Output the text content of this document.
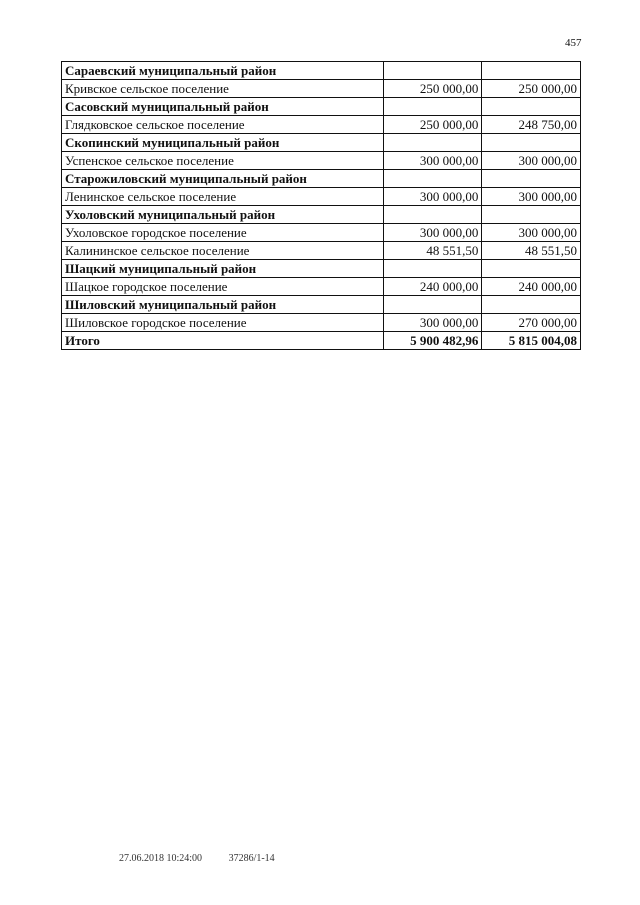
457
Сараевский муниципальный район		
Кривское сельское поселение	250 000,00	250 000,00
Сасовский муниципальный район		
Глядковское сельское поселение	250 000,00	248 750,00
Скопинский муниципальный район		
Успенское сельское поселение	300 000,00	300 000,00
Старожиловский муниципальный район		
Ленинское сельское поселение	300 000,00	300 000,00
Ухоловский муниципальный район		
Ухоловское городское поселение	300 000,00	300 000,00
Калининское сельское поселение	48 551,50	48 551,50
Шацкий муниципальный район		
Шацкое городское поселение	240 000,00	240 000,00
Шиловский муниципальный район		
Шиловское городское поселение	300 000,00	270 000,00
Итого	5 900 482,96	5 815 004,08
27.06.2018 10:24:00	37286/1-14
